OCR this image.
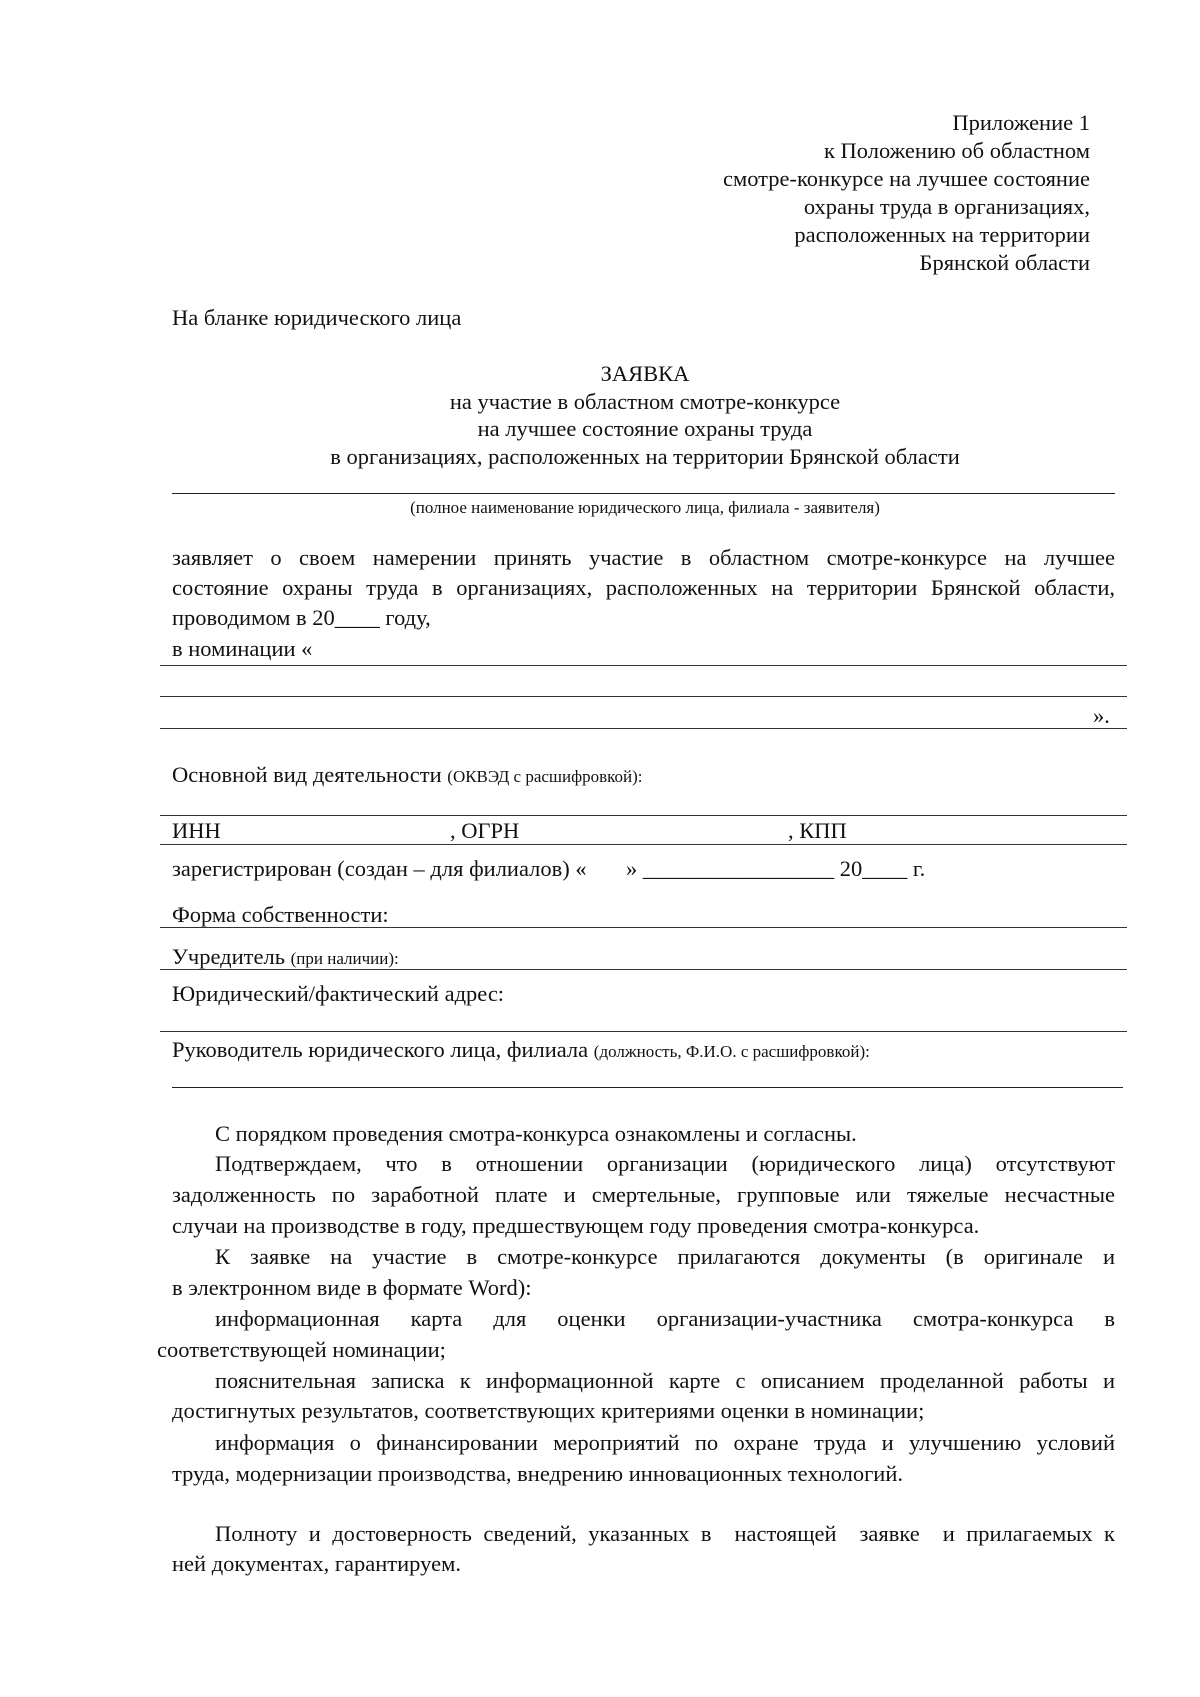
Приложение 1
к Положению об областном
смотре-конкурсе на лучшее состояние
охраны труда в организациях,
расположенных на территории
Брянской области
На бланке юридического лица
ЗАЯВКА
на участие в областном смотре-конкурсе
на лучшее состояние охраны труда
в организациях, расположенных на территории Брянской области
(полное наименование юридического лица, филиала - заявителя)
заявляет о своем намерении принять участие в областном смотре-конкурсе на лучшее
состояние охраны труда в организациях, расположенных на территории Брянской области,
проводимом в 20____ году,
в номинации «
».
Основной вид деятельности (ОКВЭД с расшифровкой):
ИНН	, ОГРН	, КПП
зарегистрирован (создан – для филиалов) «       » _________________ 20____ г.
Форма собственности:
Учредитель (при наличии):
Юридический/фактический адрес:
Руководитель юридического лица, филиала (должность, Ф.И.О. с расшифровкой):
С порядком проведения смотра-конкурса ознакомлены и согласны.
Подтверждаем, что в отношении организации (юридического лица) отсутствуют
задолженность по заработной плате и смертельные, групповые или тяжелые несчастные
случаи на производстве в году, предшествующем году проведения смотра-конкурса.
К заявке на участие в смотре-конкурсе прилагаются документы (в оригинале и
в электронном виде в формате Word):
информационная карта для оценки организации-участника смотра-конкурса в
соответствующей номинации;
пояснительная записка к информационной карте с описанием проделанной работы и
достигнутых результатов, соответствующих критериями оценки в номинации;
информация о финансировании мероприятий по охране труда и улучшению условий
труда, модернизации производства, внедрению инновационных технологий.
Полноту и достоверность сведений, указанных в  настоящей  заявке  и прилагаемых к
ней документах, гарантируем.
